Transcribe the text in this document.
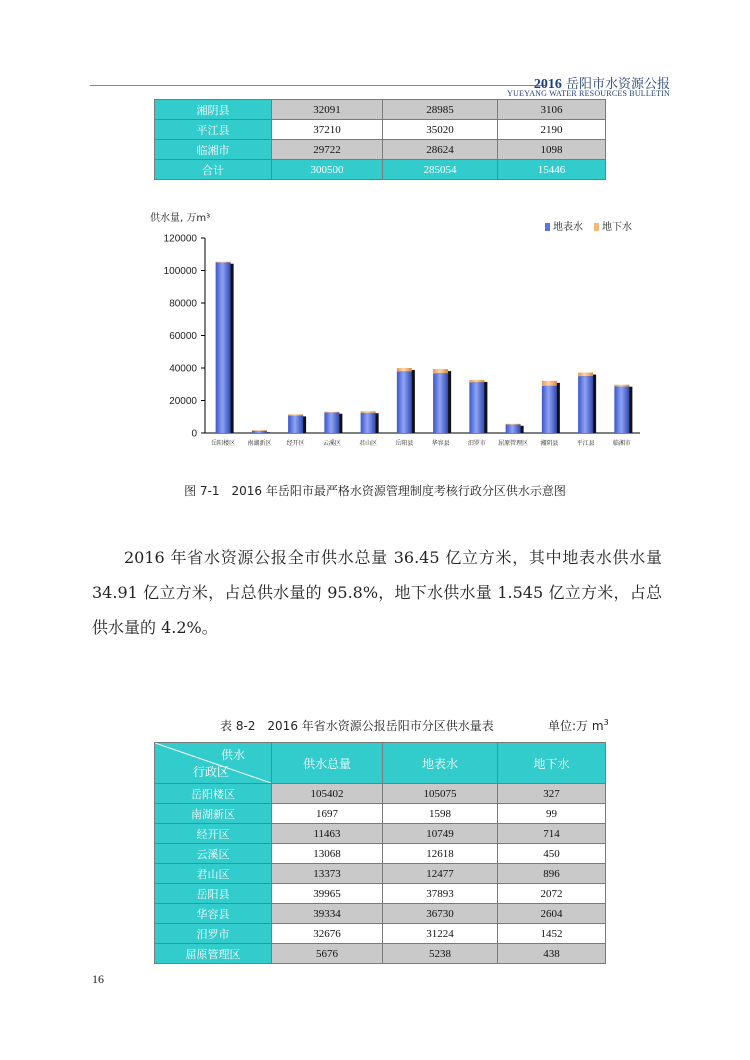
2016 岳阳市水资源公报
YUEYANG WATER RESOURCES BULLETIN
湘阴县	32091	28985	3106
平江县	37210	35020	2190
临湘市	29722	28624	1098
合计	300500	285054	15446
供水量, 万m³
0
20000
40000
60000
80000
100000
120000
岳阳楼区 南湖新区	经开区	云溪区	君山区	岳阳县	华容县	汨罗市 屈原管理区 湘阴县	平江县	临湘市
地表水 地下水
图 7-1　2016 年岳阳市最严格水资源管理制度考核行政分区供水示意图
2016 年省水资源公报全市供水总量 36.45 亿立方米，其中地表水供水量 34.91 亿立方米，占总供水量的 95.8%，地下水供水量 1.545 亿立方米，占总供水量的 4.2%。
表 8-2　2016 年省水资源公报岳阳市分区供水量表	单位:万 $m^3$
供水
行政区	供水总量	地表水	地下水
岳阳楼区	105402	105075	327
南湖新区	1697	1598	99
经开区	11463	10749	714
云溪区	13068	12618	450
君山区	13373	12477	896
岳阳县	39965	37893	2072
华容县	39334	36730	2604
汨罗市	32676	31224	1452
屈原管理区	5676	5238	438
16
